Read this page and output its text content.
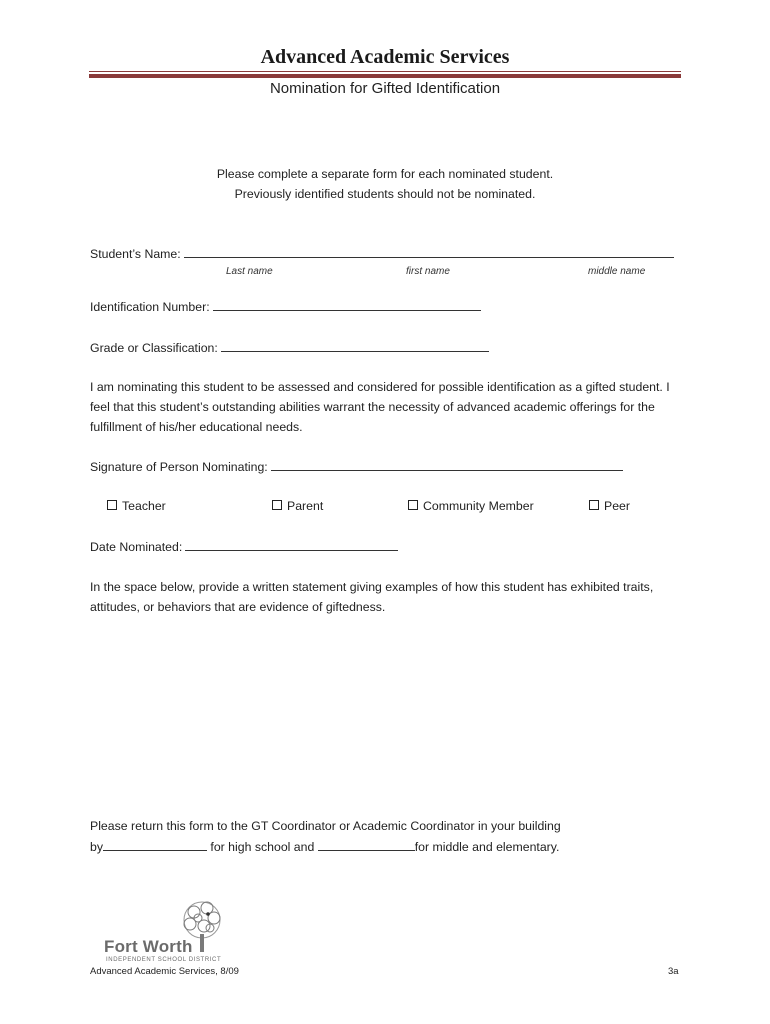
Advanced Academic Services
Nomination for Gifted Identification
Please complete a separate form for each nominated student.
Previously identified students should not be nominated.
Student’s Name:
Last name	first name	middle name
Identification Number:
Grade or Classification:
I am nominating this student to be assessed and considered for possible identification as a gifted student. I feel that this student’s outstanding abilities warrant the necessity of advanced academic offerings for the fulfillment of his/her educational needs.
Signature of Person Nominating:
Teacher	Parent	Community Member	Peer
Date Nominated:
In the space below, provide a written statement giving examples of how this student has exhibited traits, attitudes, or behaviors that are evidence of giftedness.
Please return this form to the GT Coordinator or Academic Coordinator in your building
by	for high school and	for middle and elementary.
Fort Worth
INDEPENDENT SCHOOL DISTRICT
Advanced Academic Services, 8/09	3a
